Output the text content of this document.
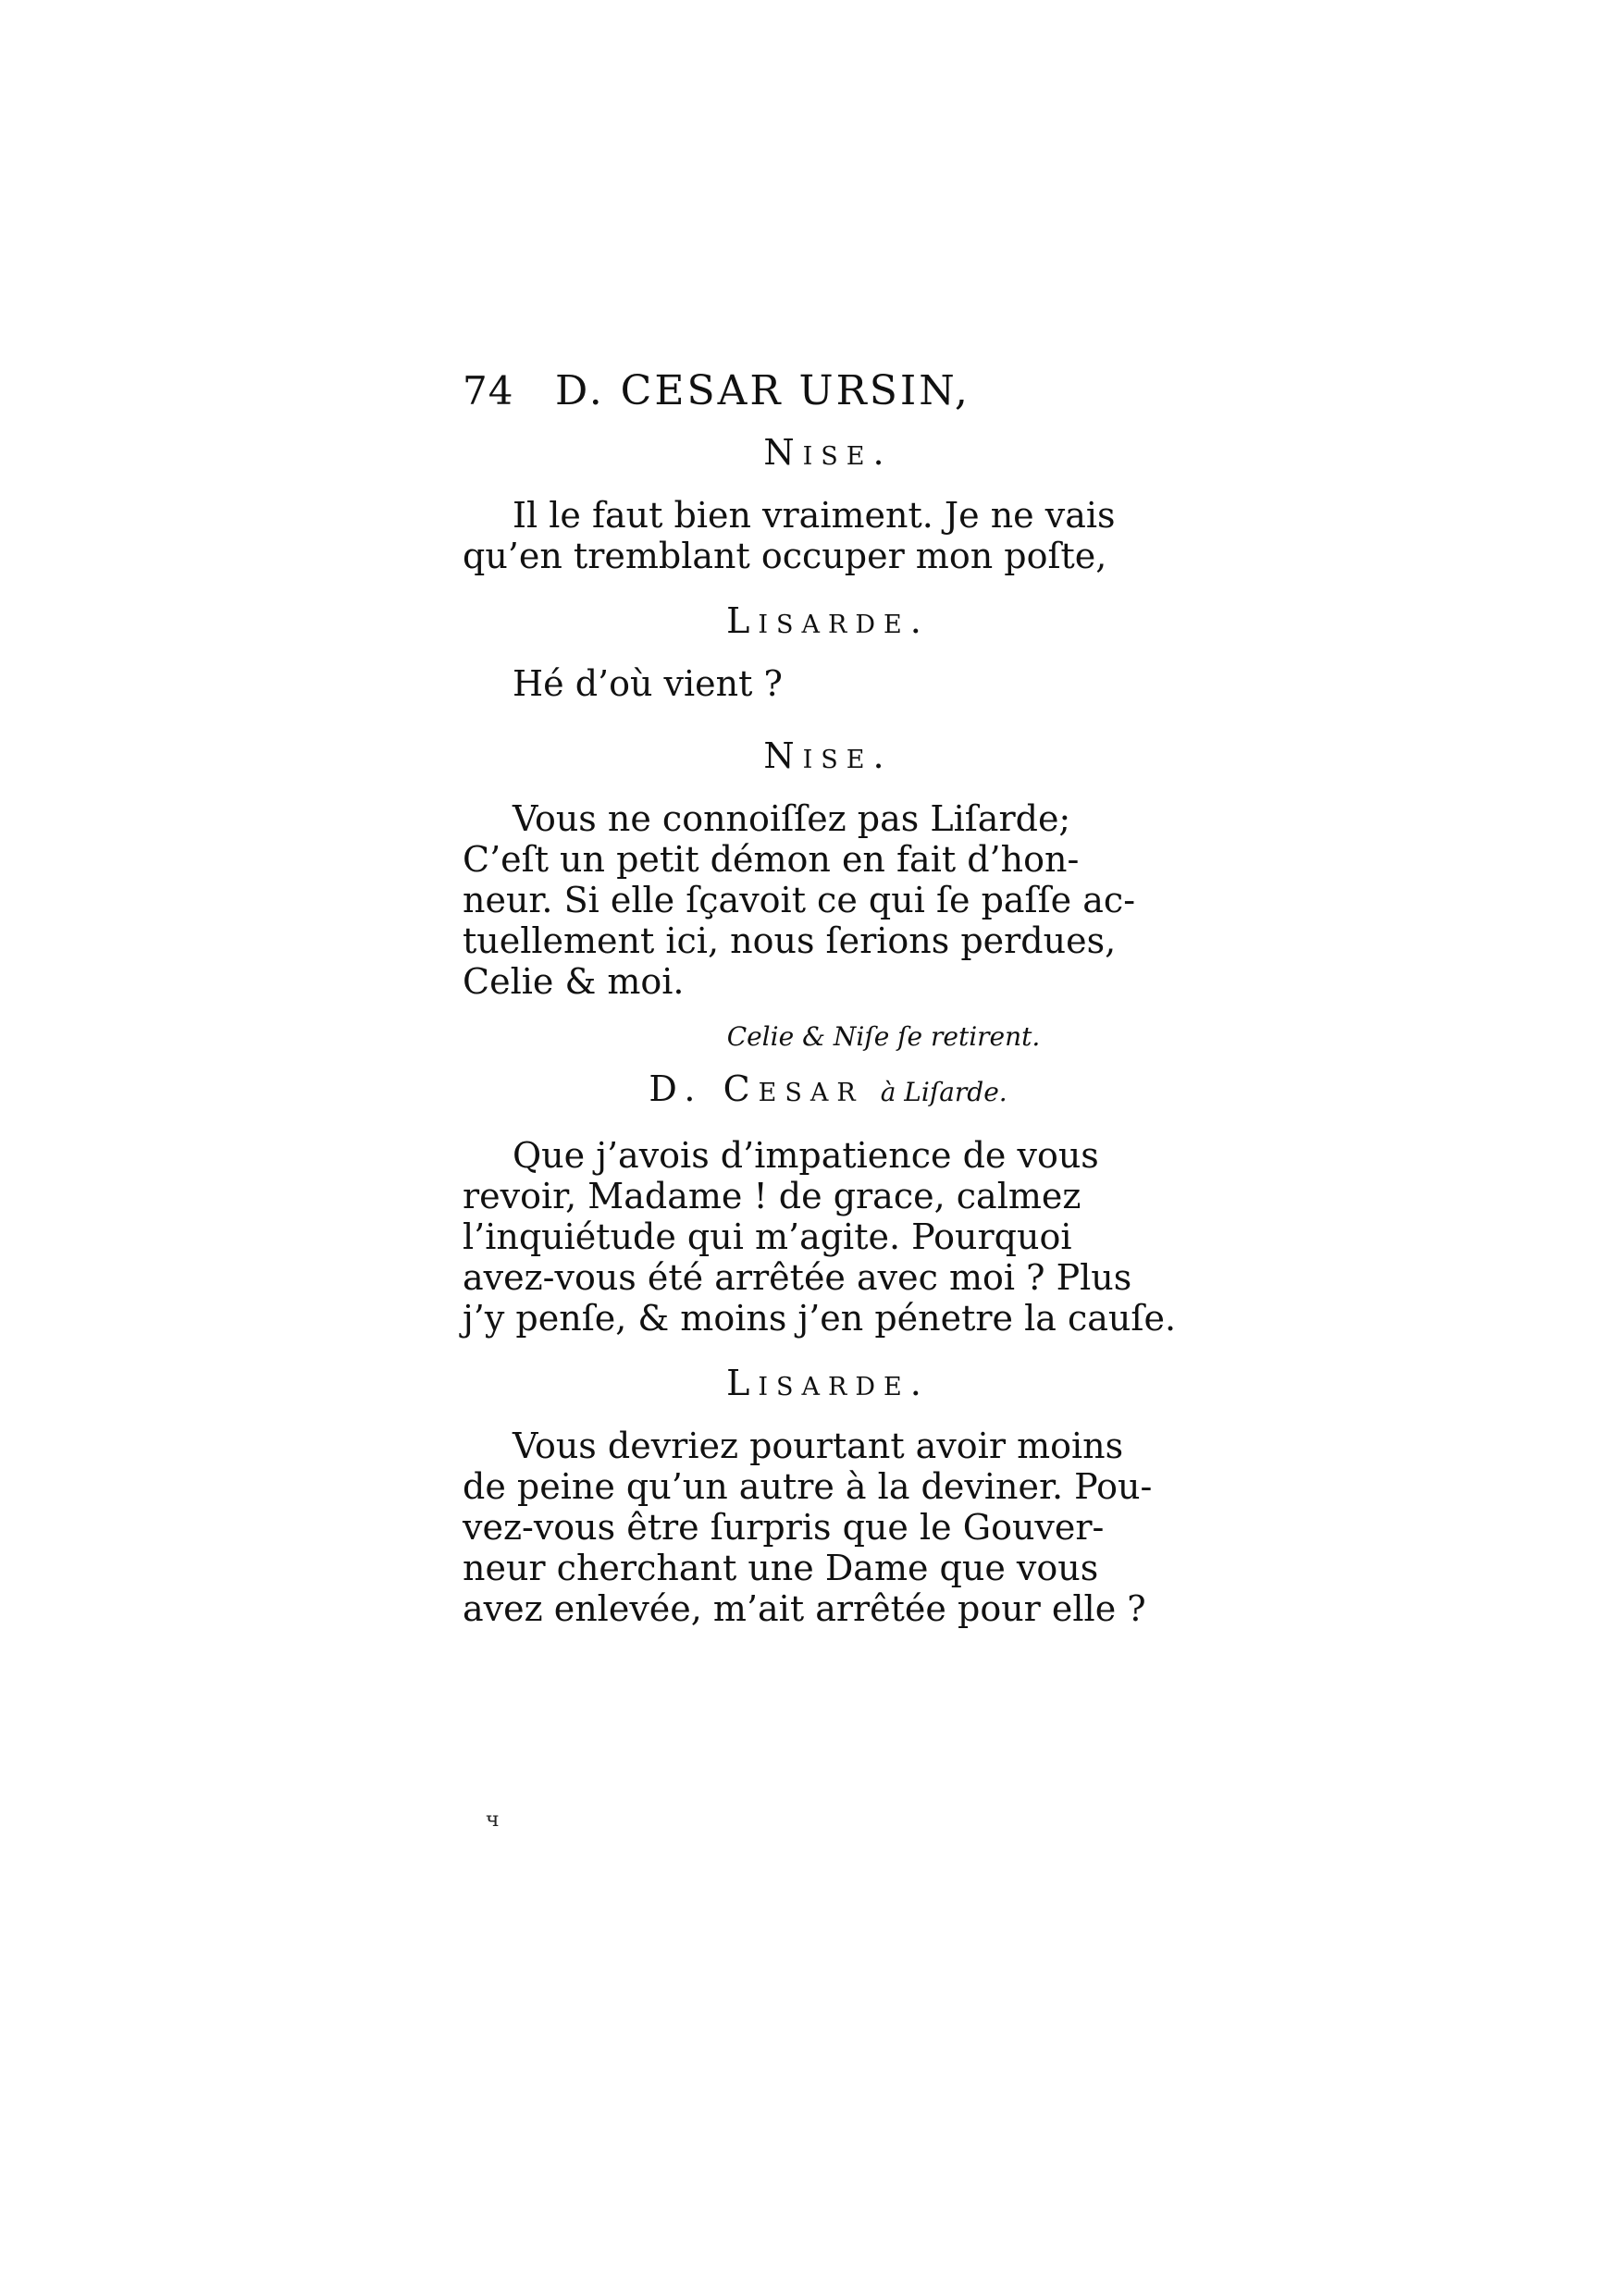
74	D. CESAR URSIN,
Nise.
Il le faut bien vraiment. Je ne vais
qu’en tremblant occuper mon poſte,
Lisarde.
Hé d’où vient ?
Nise.
Vous ne connoiſſez pas Liſarde;
C’eſt un petit démon en fait d’hon-
neur. Si elle ſçavoit ce qui ſe paſſe ac-
tuellement ici, nous ſerions perdues,
Celie & moi.
Celie & Niſe ſe retirent.
D. Cesar à Liſarde.
Que j’avois d’impatience de vous
revoir, Madame ! de grace, calmez
l’inquiétude qui m’agite. Pourquoi
avez-vous été arrêtée avec moi ? Plus
j’y penſe, & moins j’en pénetre la cauſe.
Lisarde.
Vous devriez pourtant avoir moins
de peine qu’un autre à la deviner. Pou-
vez-vous être ſurpris que le Gouver-
neur cherchant une Dame que vous
avez enlevée, m’ait arrêtée pour elle ?
ч
